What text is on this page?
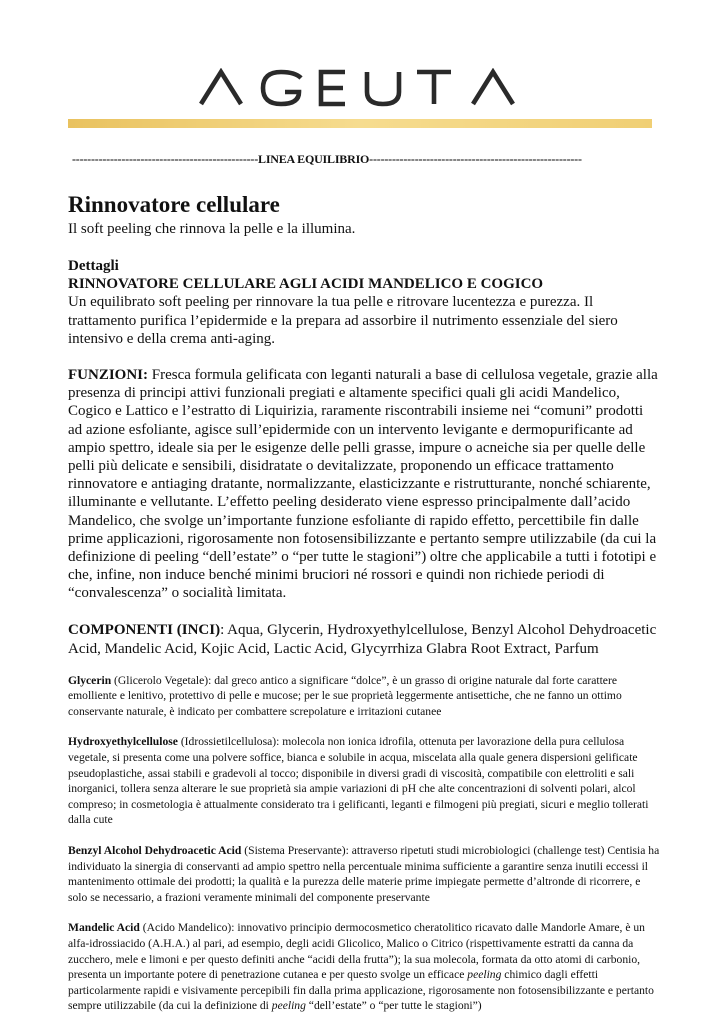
-------------------------------------------------LINEA EQUILIBRIO--------------------------------------------------------
Rinnovatore cellulare

Il soft peeling che rinnova la pelle e la illumina.

Dettagli

RINNOVATORE CELLULARE AGLI ACIDI MANDELICO E COGICO

Un equilibrato soft peeling per rinnovare la tua pelle e ritrovare lucentezza e purezza. Il trattamento purifica l’epidermide e la prepara ad assorbire il nutrimento essenziale del siero intensivo e della crema anti-aging.

FUNZIONI: Fresca formula gelificata con leganti naturali a base di cellulosa vegetale, grazie alla presenza di principi attivi funzionali pregiati e altamente specifici quali gli acidi Mandelico, Cogico e Lattico e l’estratto di Liquirizia, raramente riscontrabili insieme nei “comuni” prodotti ad azione esfoliante, agisce sull’epidermide con un intervento levigante e dermopurificante ad ampio spettro, ideale sia per le esigenze delle pelli grasse, impure o acneiche sia per quelle delle pelli più delicate e sensibili, disidratate o devitalizzate, proponendo un efficace trattamento rinnovatore e antiaging dratante, normalizzante, elasticizzante e ristrutturante, nonché schiarente, illuminante e vellutante. L’effetto peeling desiderato viene espresso principalmente dall’acido Mandelico, che svolge un’importante funzione esfoliante di rapido effetto, percettibile fin dalle prime applicazioni, rigorosamente non fotosensibilizzante e pertanto sempre utilizzabile (da cui la definizione di peeling “dell’estate” o “per tutte le stagioni”) oltre che applicabile a tutti i fototipi e che, infine, non induce benché minimi bruciori né rossori e quindi non richiede periodi di “convalescenza” o socialità limitata.

COMPONENTI (INCI): Aqua, Glycerin, Hydroxyethylcellulose, Benzyl Alcohol Dehydroacetic Acid, Mandelic Acid, Kojic Acid, Lactic Acid, Glycyrrhiza Glabra Root Extract, Parfum

Glycerin (Glicerolo Vegetale): dal greco antico a significare “dolce”, è un grasso di origine naturale dal forte carattere emolliente e lenitivo, protettivo di pelle e mucose; per le sue proprietà leggermente antisettiche, che ne fanno un ottimo conservante naturale, è indicato per combattere screpolature e irritazioni cutanee

Hydroxyethylcellulose (Idrossietilcellulosa): molecola non ionica idrofila, ottenuta per lavorazione della pura cellulosa vegetale, si presenta come una polvere soffice, bianca e solubile in acqua, miscelata alla quale genera dispersioni gelificate pseudoplastiche, assai stabili e gradevoli al tocco; disponibile in diversi gradi di viscosità, compatibile con elettroliti e sali inorganici, tollera senza alterare le sue proprietà sia ampie variazioni di pH che alte concentrazioni di solventi polari, alcol compreso; in cosmetologia è attualmente considerato tra i gelificanti, leganti e filmogeni più pregiati, sicuri e meglio tollerati dalla cute

Benzyl Alcohol Dehydroacetic Acid (Sistema Preservante): attraverso ripetuti studi microbiologici (challenge test) Centisia ha individuato la sinergia di conservanti ad ampio spettro nella percentuale minima sufficiente a garantire senza inutili eccessi il mantenimento ottimale dei prodotti; la qualità e la purezza delle materie prime impiegate permette d’altronde di ricorrere, e solo se necessario, a frazioni veramente minimali del componente preservante

Mandelic Acid (Acido Mandelico): innovativo principio dermocosmetico cheratolitico ricavato dalle Mandorle Amare, è un alfa-idrossiacido (A.H.A.) al pari, ad esempio, degli acidi Glicolico, Malico o Citrico (rispettivamente estratti da canna da zucchero, mele e limoni e per questo definiti anche “acidi della frutta”); la sua molecola, formata da otto atomi di carbonio, presenta un importante potere di penetrazione cutanea e per questo svolge un efficace peeling chimico dagli effetti particolarmente rapidi e visivamente percepibili fin dalla prima applicazione, rigorosamente non fotosensibilizzante e pertanto sempre utilizzabile (da cui la definizione di peeling “dell’estate” o “per tutte le stagioni”)
